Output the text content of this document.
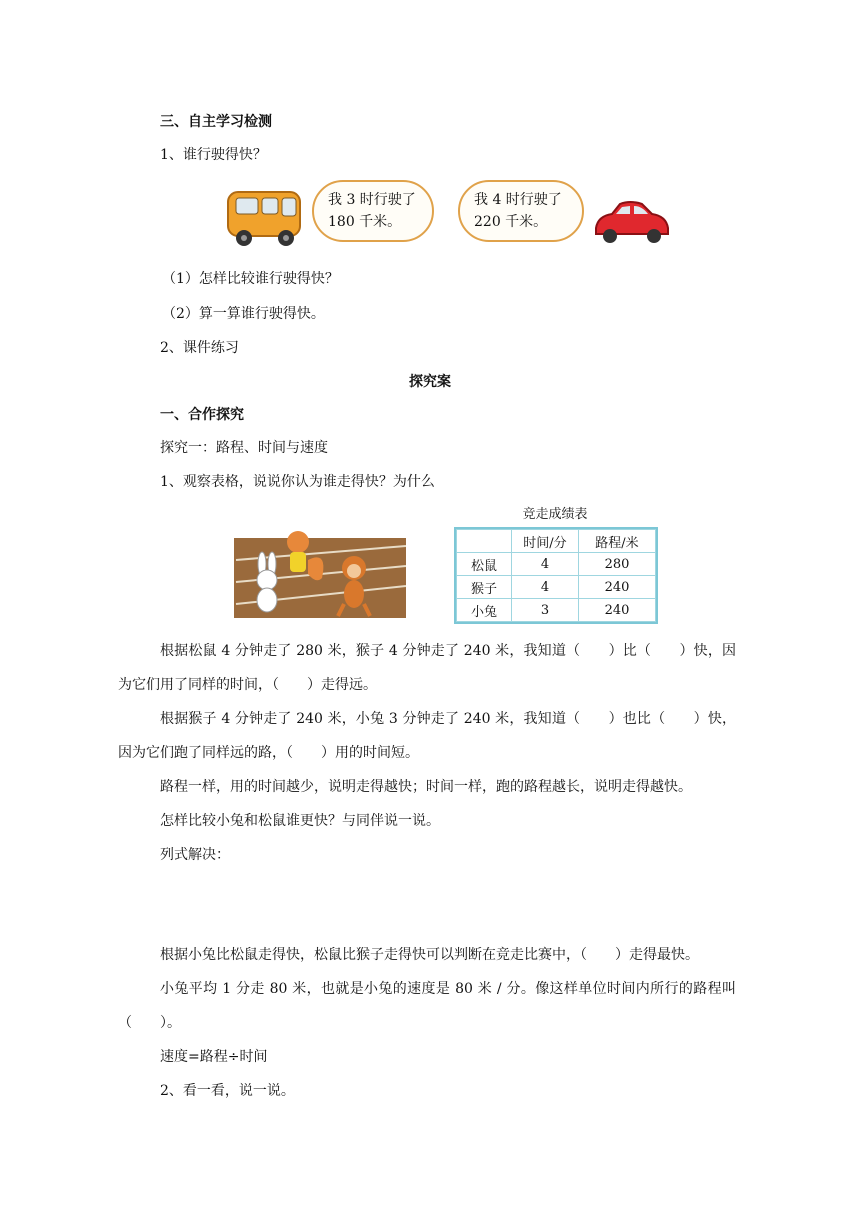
三、自主学习检测
1、谁行驶得快？
我 3 时行驶了
180 千米。
我 4 时行驶了
220 千米。
（1）怎样比较谁行驶得快？
（2）算一算谁行驶得快。
2、课件练习
探究案
一、合作探究
探究一：路程、时间与速度
1、观察表格，说说你认为谁走得快？为什么
竞走成绩表
	时间/分	路程/米
松鼠	4	280
猴子	4	240
小兔	3	240
根据松鼠 4 分钟走了 280 米，猴子 4 分钟走了 240 米，我知道（　　）比（　　）快，因为它们用了同样的时间，（　　）走得远。
根据猴子 4 分钟走了 240 米，小兔 3 分钟走了 240 米，我知道（　　）也比（　　）快，因为它们跑了同样远的路，（　　）用的时间短。
路程一样，用的时间越少，说明走得越快；时间一样，跑的路程越长，说明走得越快。
怎样比较小兔和松鼠谁更快？与同伴说一说。
列式解决：
根据小兔比松鼠走得快，松鼠比猴子走得快可以判断在竞走比赛中，（　　）走得最快。
小兔平均 1 分走 80 米，也就是小兔的速度是 80 米 / 分。像这样单位时间内所行的路程叫（　　）。
速度=路程÷时间
2、看一看，说一说。
